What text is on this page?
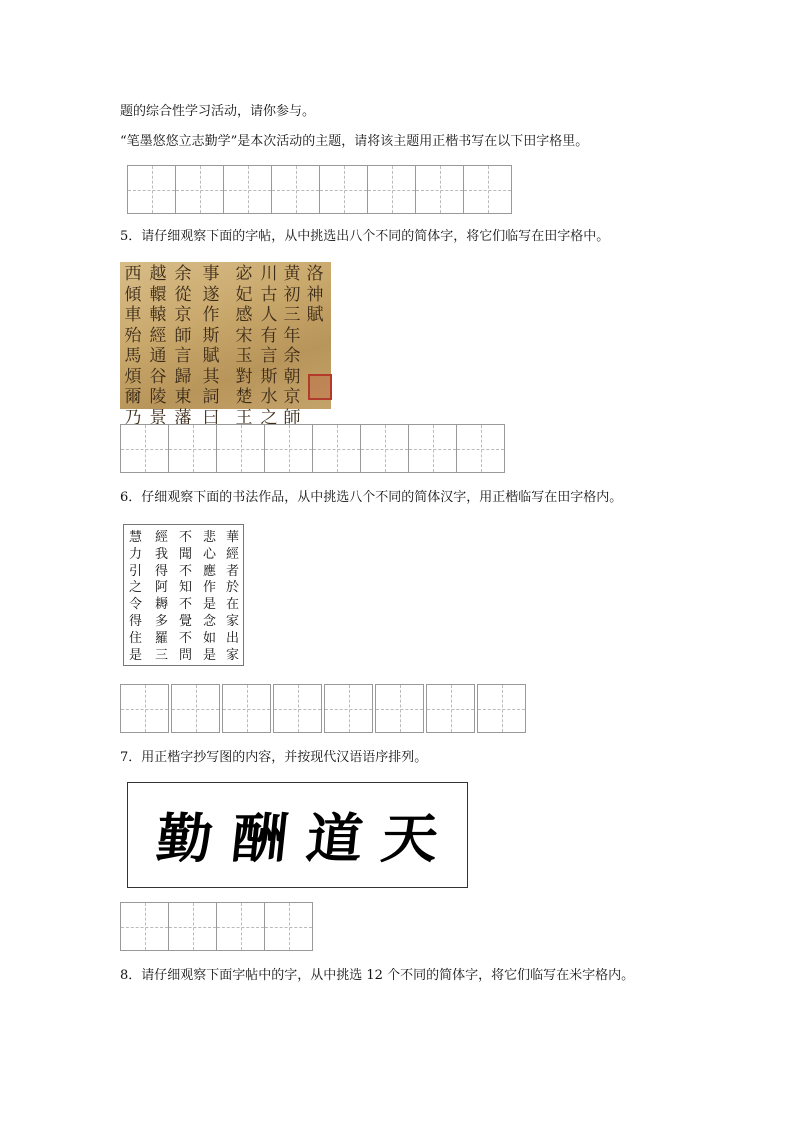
题的综合性学习活动，请你参与。
“笔墨悠悠立志勤学”是本次活动的主题，请将该主题用正楷书写在以下田字格里。
5．请仔细观察下面的字帖，从中挑选出八个不同的简体字，将它们临写在田字格中。
洛
神
賦
黄
初
三
年
余
朝
京
師
川
古
人
有
言
斯
水
之
宓
妃
感
宋
玉
對
楚
王
事
遂
作
斯
賦
其
詞
曰
余
從
京
師
言
歸
東
藩
越
轘
轅
經
通
谷
陵
景
西
傾
車
殆
馬
煩
爾
乃
6．仔细观察下面的书法作品，从中挑选八个不同的简体汉字，用正楷临写在田字格内。
華
經
者
於
在
家
出
家
悲
心
應
作
是
念
如
是
不
聞
不
知
不
覺
不
問
經
我
得
阿
耨
多
羅
三
慧
力
引
之
令
得
住
是
7．用正楷字抄写图的内容，并按现代汉语语序排列。
勤 酬 道 天
8．请仔细观察下面字帖中的字，从中挑选 12 个不同的简体字，将它们临写在米字格内。
